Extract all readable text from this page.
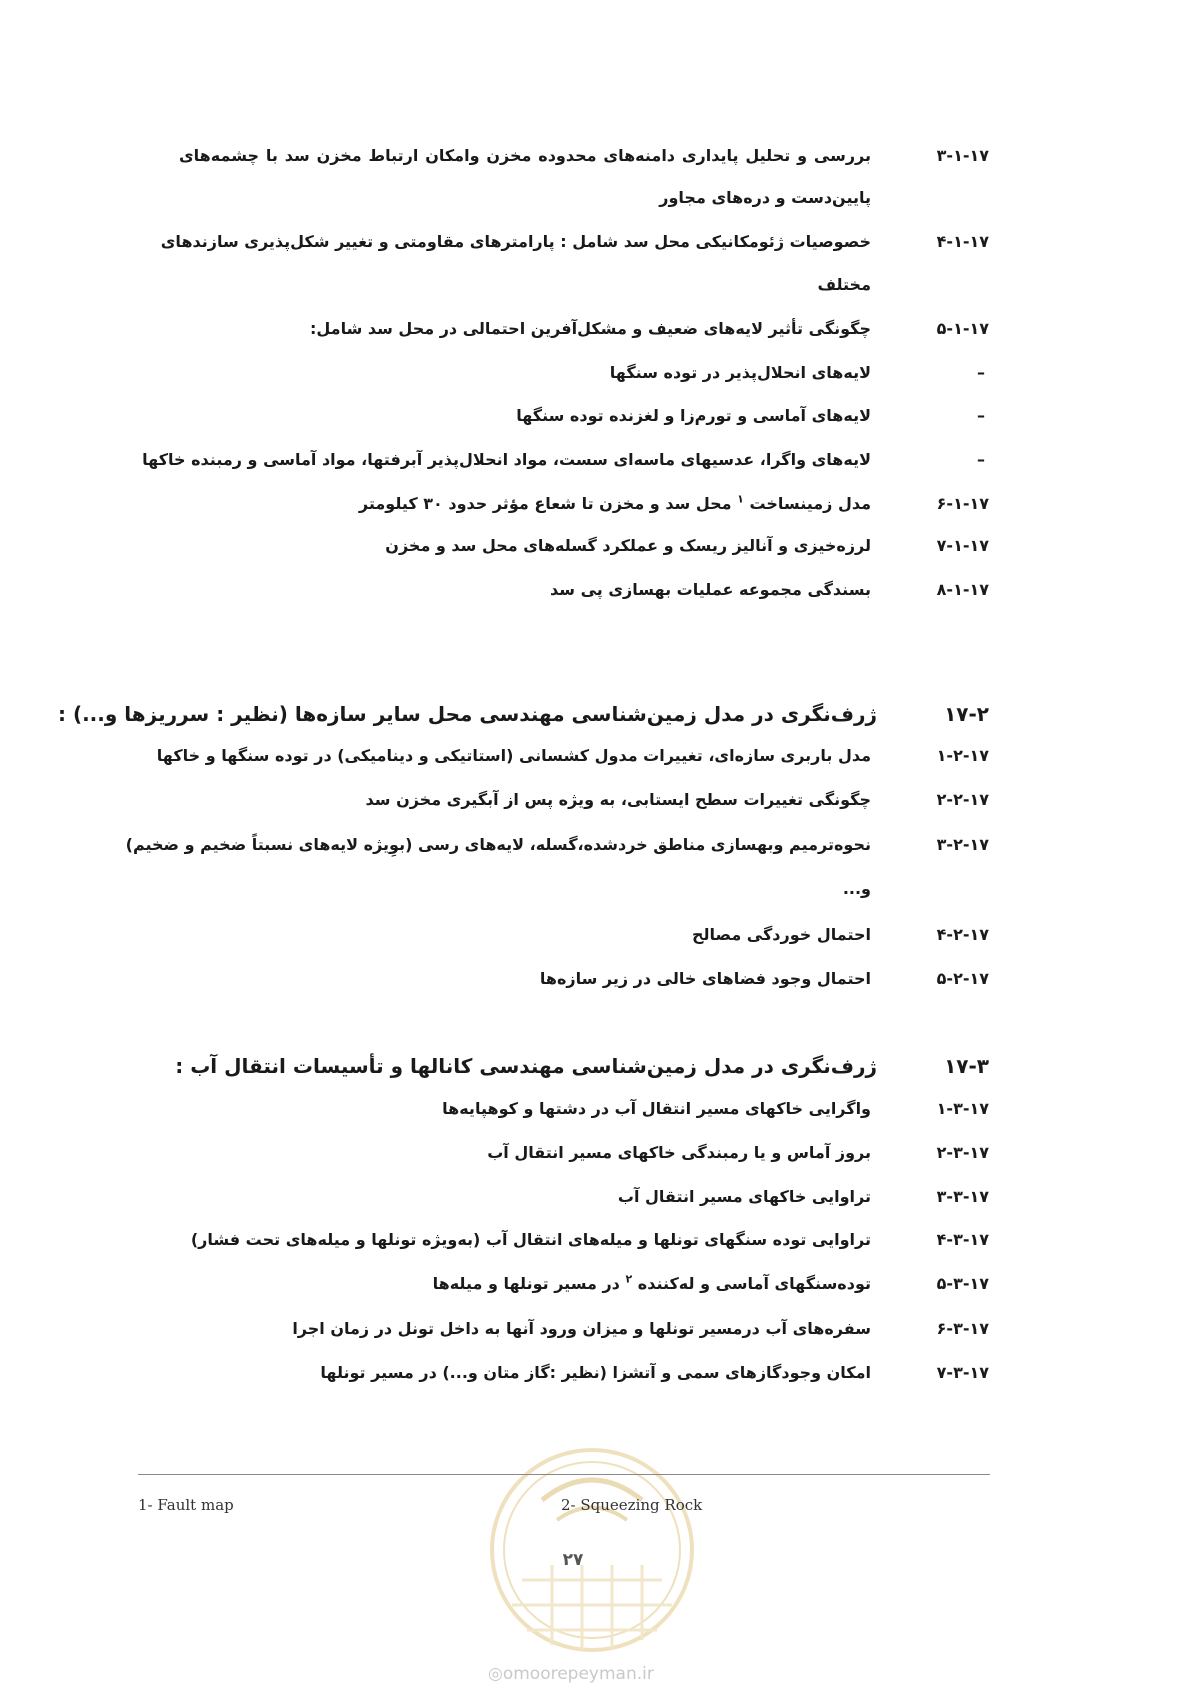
۳-۱-۱۷
بررسی و تحلیل پایداری دامنه‌های محدوده مخزن وامکان ارتباط مخزن سد با چشمه‌های
پایین‌دست و دره‌های مجاور
۴-۱-۱۷
خصوصیات ژئومکانیکی محل سد شامل : پارامترهای مقاومتی و تغییر شکل‌پذیری سازندهای
مختلف
۵-۱-۱۷
چگونگی تأثیر لایه‌های ضعیف و مشکل‌آفرین احتمالی در محل سد شامل:
–
لایه‌های انحلال‌پذیر در توده سنگها
–
لایه‌های آماسی و تورم‌زا و لغزنده توده سنگها
–
لایه‌های واگرا، عدسیهای ماسه‌ای سست، مواد انحلال‌پذیر آبرفتها، مواد آماسی و رمبنده خاکها
۶-۱-۱۷
مدل زمینساخت $^۱$ محل سد و مخزن تا شعاع مؤثر حدود ۳۰ کیلومتر
۷-۱-۱۷
لرزه‌خیزی و آنالیز ریسک و عملکرد گسله‌های محل سد و مخزن
۸-۱-۱۷
بسندگی مجموعه عملیات بهسازی پی سد
۱۷-۲
ژرف‌نگری در مدل زمین‌شناسی مهندسی محل سایر سازه‌ها (نظیر : سرریزها و...) :
۱-۲-۱۷
مدل باربری سازه‌ای، تغییرات مدول کشسانی (استاتیکی و دینامیکی) در توده سنگها و خاکها
۲-۲-۱۷
چگونگی تغییرات سطح ایستابی، به ویژه پس از آبگیری مخزن سد
۳-۲-۱۷
نحوه‌ترمیم وبهسازی مناطق خردشده،گسله، لایه‌های رسی (بوِیژه لایه‌های نسبتاً ضخیم و ضخیم)
و...
۴-۲-۱۷
احتمال خوردگی مصالح
۵-۲-۱۷
احتمال وجود فضاهای خالی در زیر سازه‌ها
۱۷-۳
ژرف‌نگری در مدل زمین‌شناسی مهندسی کانالها و تأسیسات انتقال آب :
۱-۳-۱۷
واگرایی خاکهای مسیر انتقال آب در دشتها و کوهپایه‌ها
۲-۳-۱۷
بروز آماس و یا رمبندگی خاکهای مسیر انتقال آب
۳-۳-۱۷
تراوایی خاکهای مسیر انتقال آب
۴-۳-۱۷
تراوایی توده سنگهای تونلها و میله‌های انتقال آب (به‌ویژه تونلها و میله‌های تحت فشار)
۵-۳-۱۷
توده‌سنگهای آماسی و له‌کننده $^۲$ در مسیر تونلها و میله‌ها
۶-۳-۱۷
سفره‌های آب درمسیر تونلها و میزان ورود آنها به داخل تونل در زمان اجرا
۷-۳-۱۷
امکان وجودگازهای سمی و آتشزا (نظیر :گاز متان و...) در مسیر تونلها
1- Fault map	2- Squeezing Rock
۲۷
◎omoorepeyman.ir
